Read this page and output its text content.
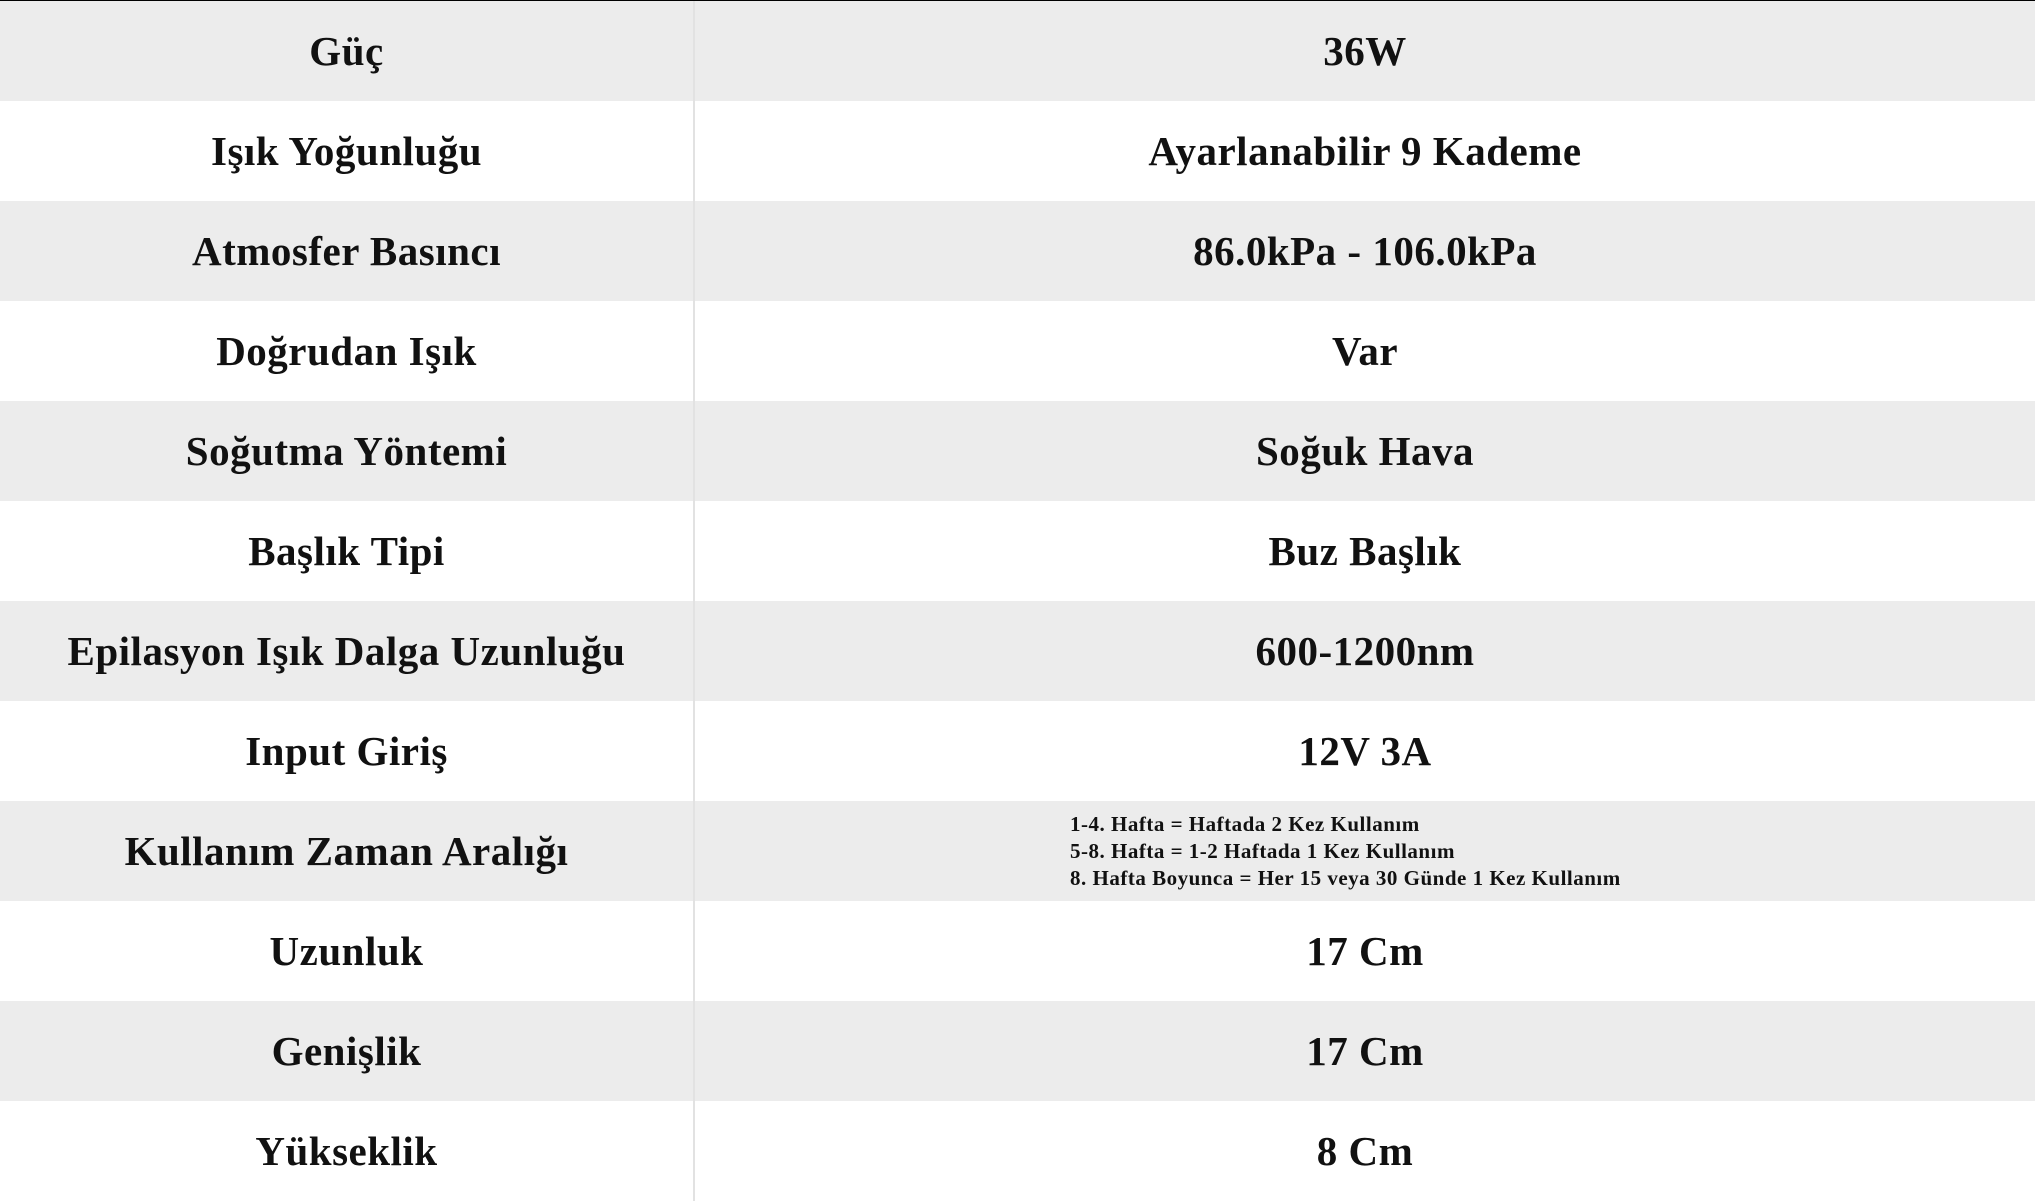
Güç	36W
Işık Yoğunluğu	Ayarlanabilir 9 Kademe
Atmosfer Basıncı	86.0kPa - 106.0kPa
Doğrudan Işık	Var
Soğutma Yöntemi	Soğuk Hava
Başlık Tipi	Buz Başlık
Epilasyon Işık Dalga Uzunluğu	600-1200nm
Input Giriş	12V 3A
Kullanım Zaman Aralığı
1-4. Hafta = Haftada 2 Kez Kullanım
5-8. Hafta = 1-2 Haftada 1 Kez Kullanım
8. Hafta Boyunca = Her 15 veya 30 Günde 1 Kez Kullanım
Uzunluk	17 Cm
Genişlik	17 Cm
Yükseklik	8 Cm
